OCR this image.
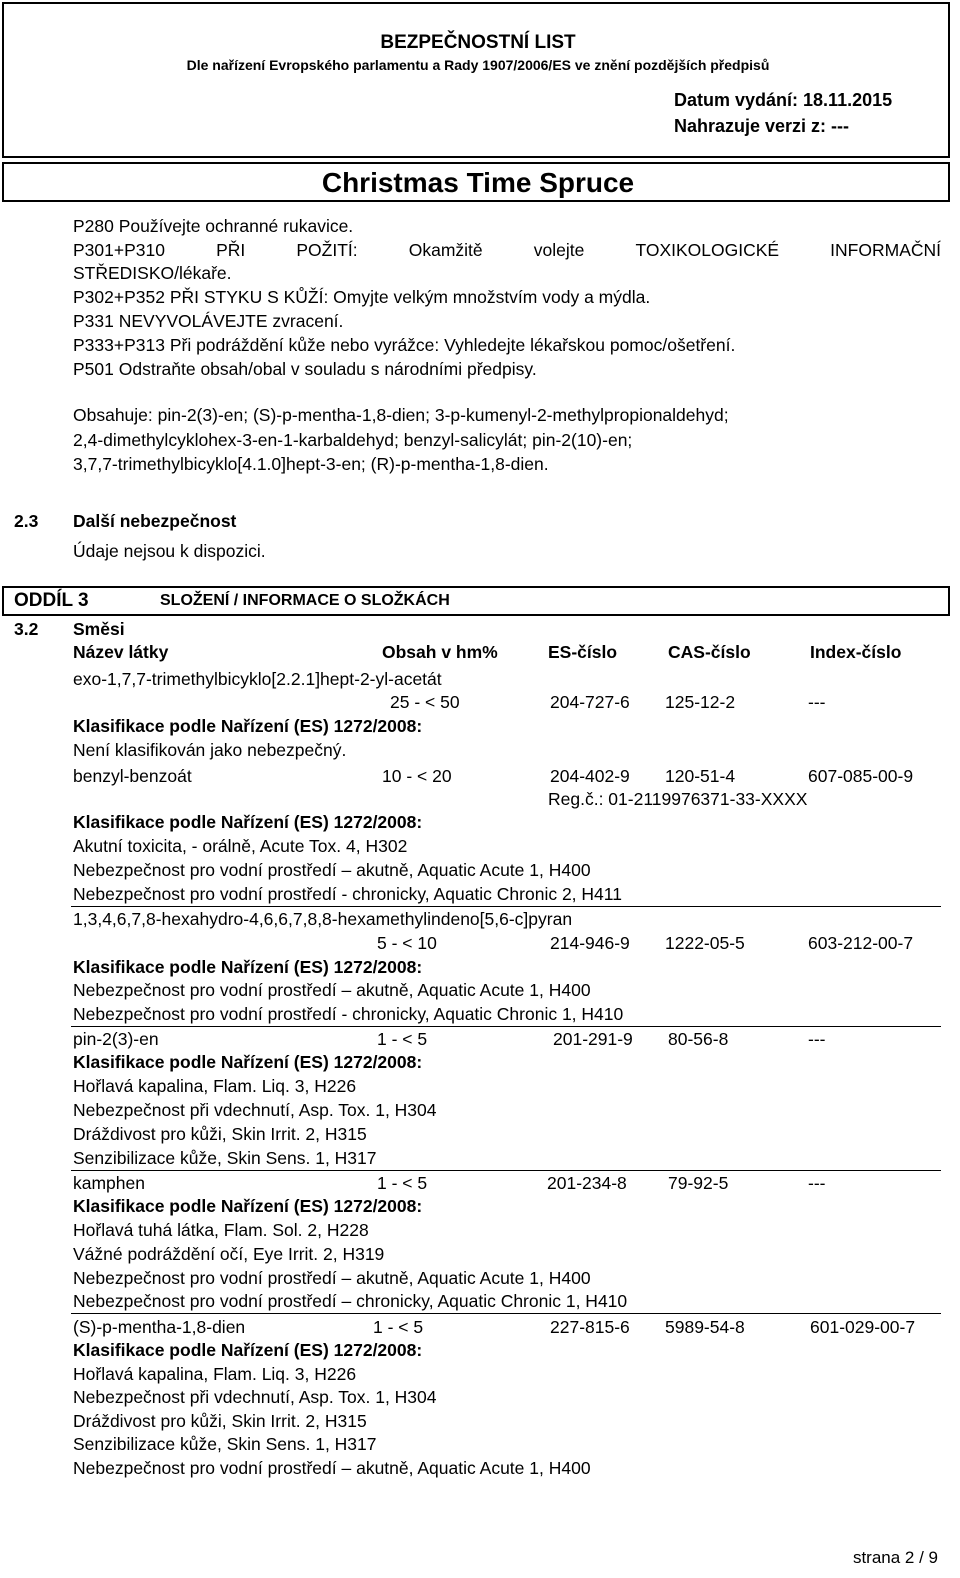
BEZPEČNOSTNÍ LIST
Dle nařízení Evropského parlamentu a Rady 1907/2006/ES ve znění pozdějších předpisů
Datum vydání: 18.11.2015
Nahrazuje verzi z: ---
Christmas Time Spruce
P280 Používejte ochranné rukavice.
P301+P310	PŘI	POŽITÍ:	Okamžitě	volejte	TOXIKOLOGICKÉ	INFORMAČNÍ
STŘEDISKO/lékaře.
P302+P352 PŘI STYKU S KŮŽÍ: Omyjte velkým množstvím vody a mýdla.
P331 NEVYVOLÁVEJTE zvracení.
P333+P313 Při podráždění kůže nebo vyrážce: Vyhledejte lékařskou pomoc/ošetření.
P501 Odstraňte obsah/obal v souladu s národními předpisy.
Obsahuje: pin-2(3)-en; (S)-p-mentha-1,8-dien; 3-p-kumenyl-2-methylpropionaldehyd;
2,4-dimethylcyklohex-3-en-1-karbaldehyd; benzyl-salicylát; pin-2(10)-en;
3,7,7-trimethylbicyklo[4.1.0]hept-3-en; (R)-p-mentha-1,8-dien.
2.3 Další nebezpečnost
Údaje nejsou k dispozici.
ODDÍL 3	SLOŽENÍ / INFORMACE O SLOŽKÁCH
3.2 Směsi
Název látky	Obsah v hm%	ES-číslo	CAS-číslo	Index-číslo
exo-1,7,7-trimethylbicyklo[2.2.1]hept-2-yl-acetát
25 - < 50	204-727-6 125-12-2	---
Klasifikace podle Nařízení (ES) 1272/2008:
Není klasifikován jako nebezpečný.
benzyl-benzoát	10 - < 20	204-402-9 120-51-4	607-085-00-9
Reg.č.: 01-2119976371-33-XXXX
Klasifikace podle Nařízení (ES) 1272/2008:
Akutní toxicita, - orálně, Acute Tox. 4, H302
Nebezpečnost pro vodní prostředí – akutně, Aquatic Acute 1, H400
Nebezpečnost pro vodní prostředí - chronicky, Aquatic Chronic 2, H411
1,3,4,6,7,8-hexahydro-4,6,6,7,8,8-hexamethylindeno[5,6-c]pyran
5 - < 10	214-946-9 1222-05-5	603-212-00-7
Klasifikace podle Nařízení (ES) 1272/2008:
Nebezpečnost pro vodní prostředí – akutně, Aquatic Acute 1, H400
Nebezpečnost pro vodní prostředí - chronicky, Aquatic Chronic 1, H410
pin-2(3)-en	1 - < 5	201-291-9 80-56-8	---
Klasifikace podle Nařízení (ES) 1272/2008:
Hořlavá kapalina, Flam. Liq. 3, H226
Nebezpečnost při vdechnutí, Asp. Tox. 1, H304
Dráždivost pro kůži, Skin Irrit. 2, H315
Senzibilizace kůže, Skin Sens. 1, H317
kamphen	1 - < 5	201-234-8 79-92-5	---
Klasifikace podle Nařízení (ES) 1272/2008:
Hořlavá tuhá látka, Flam. Sol. 2, H228
Vážné podráždění očí, Eye Irrit. 2, H319
Nebezpečnost pro vodní prostředí – akutně, Aquatic Acute 1, H400
Nebezpečnost pro vodní prostředí – chronicky, Aquatic Chronic 1, H410
(S)-p-mentha-1,8-dien	1 - < 5	227-815-6 5989-54-8	601-029-00-7
Klasifikace podle Nařízení (ES) 1272/2008:
Hořlavá kapalina, Flam. Liq. 3, H226
Nebezpečnost při vdechnutí, Asp. Tox. 1, H304
Dráždivost pro kůži, Skin Irrit. 2, H315
Senzibilizace kůže, Skin Sens. 1, H317
Nebezpečnost pro vodní prostředí – akutně, Aquatic Acute 1, H400
strana 2 / 9
